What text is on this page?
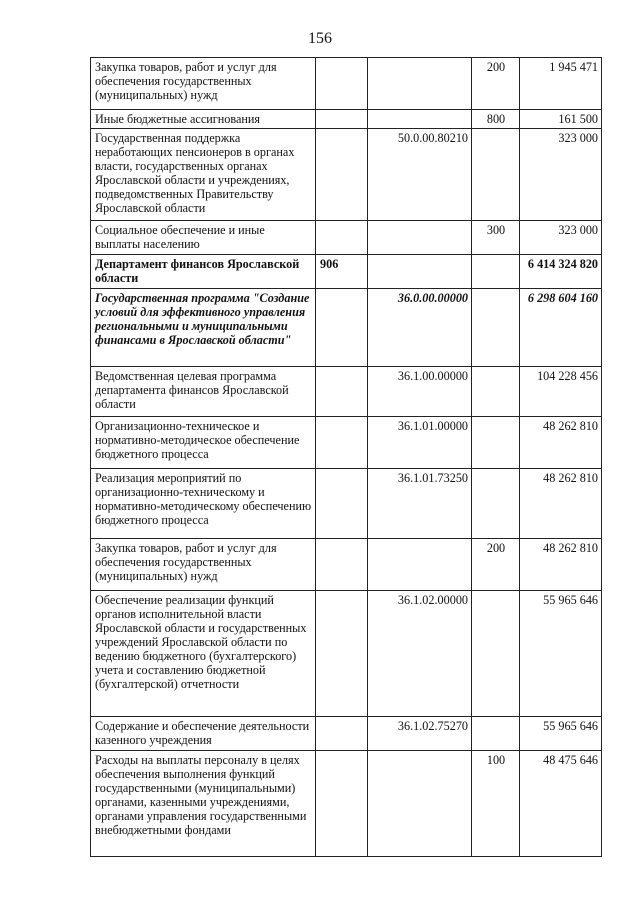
156
Закупка товаров, работ и услуг для обеспечения государственных (муниципальных) нужд			200	1 945 471
Иные бюджетные ассигнования			800	161 500
Государственная поддержка неработающих пенсионеров в органах власти, государственных органах Ярославской области и учреждениях, подведомственных Правительству Ярославской области		50.0.00.80210		323 000
Социальное обеспечение и иные выплаты населению			300	323 000
Департамент финансов Ярославской области	906			6 414 324 820
Государственная программа "Создание условий для эффективного управления региональными и муниципальными финансами в Ярославской области"		36.0.00.00000		6 298 604 160
Ведомственная целевая программа департамента финансов Ярославской области		36.1.00.00000		104 228 456
Организационно-техническое и нормативно-методическое обеспечение бюджетного процесса		36.1.01.00000		48 262 810
Реализация мероприятий по организационно-техническому и нормативно-методическому обеспечению бюджетного процесса		36.1.01.73250		48 262 810
Закупка товаров, работ и услуг для обеспечения государственных (муниципальных) нужд			200	48 262 810
Обеспечение реализации функций органов исполнительной власти Ярославской области и государственных учреждений Ярославской области по ведению бюджетного (бухгалтерского) учета и составлению бюджетной (бухгалтерской) отчетности		36.1.02.00000		55 965 646
Содержание и обеспечение деятельности казенного учреждения		36.1.02.75270		55 965 646
Расходы на выплаты персоналу в целях обеспечения выполнения функций государственными (муниципальными) органами, казенными учреждениями, органами управления государственными внебюджетными фондами			100	48 475 646
